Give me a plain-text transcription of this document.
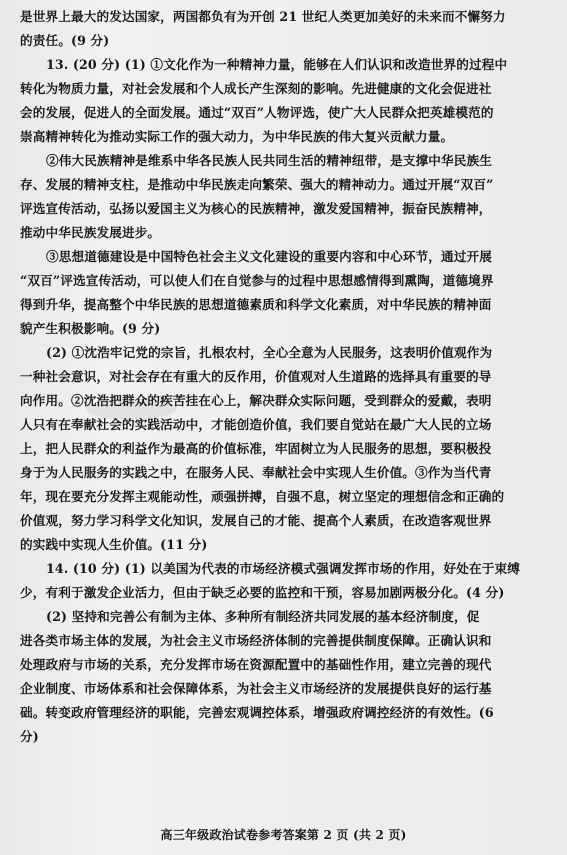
是世界上最大的发达国家，两国都负有为开创 21 世纪人类更加美好的未来而不懈努力
的责任。(9 分)
13. (20 分) (1) ①文化作为一种精神力量，能够在人们认识和改造世界的过程中
转化为物质力量，对社会发展和个人成长产生深刻的影响。先进健康的文化会促进社
会的发展，促进人的全面发展。通过“双百”人物评选，使广大人民群众把英雄模范的
崇高精神转化为推动实际工作的强大动力，为中华民族的伟大复兴贡献力量。
②伟大民族精神是维系中华各民族人民共同生活的精神纽带，是支撑中华民族生
存、发展的精神支柱，是推动中华民族走向繁荣、强大的精神动力。通过开展“双百”
评选宣传活动，弘扬以爱国主义为核心的民族精神，激发爱国精神，振奋民族精神，
推动中华民族发展进步。
③思想道德建设是中国特色社会主义文化建设的重要内容和中心环节，通过开展
“双百”评选宣传活动，可以使人们在自觉参与的过程中思想感情得到熏陶，道德境界
得到升华，提高整个中华民族的思想道德素质和科学文化素质，对中华民族的精神面
貌产生积极影响。(9 分)
(2) ①沈浩牢记党的宗旨，扎根农村，全心全意为人民服务，这表明价值观作为
一种社会意识，对社会存在有重大的反作用，价值观对人生道路的选择具有重要的导
向作用。②沈浩把群众的疾苦挂在心上，解决群众实际问题，受到群众的爱戴，表明
人只有在奉献社会的实践活动中，才能创造价值，我们要自觉站在最广大人民的立场
上，把人民群众的利益作为最高的价值标准，牢固树立为人民服务的思想，要积极投
身于为人民服务的实践之中，在服务人民、奉献社会中实现人生价值。③作为当代青
年，现在要充分发挥主观能动性，顽强拼搏，自强不息，树立坚定的理想信念和正确的
价值观，努力学习科学文化知识，发展自己的才能、提高个人素质，在改造客观世界
的实践中实现人生价值。(11 分)
14. (10 分) (1) 以美国为代表的市场经济模式强调发挥市场的作用，好处在于束缚
少，有利于激发企业活力，但由于缺乏必要的监控和干预，容易加剧两极分化。(4 分)
(2) 坚持和完善公有制为主体、多种所有制经济共同发展的基本经济制度，促
进各类市场主体的发展，为社会主义市场经济体制的完善提供制度保障。正确认识和
处理政府与市场的关系，充分发挥市场在资源配置中的基础性作用，建立完善的现代
企业制度、市场体系和社会保障体系，为社会主义市场经济的发展提供良好的运行基
础。转变政府管理经济的职能，完善宏观调控体系，增强政府调控经济的有效性。(6
分)
高三年级政治试卷参考答案第 2 页 (共 2 页)
